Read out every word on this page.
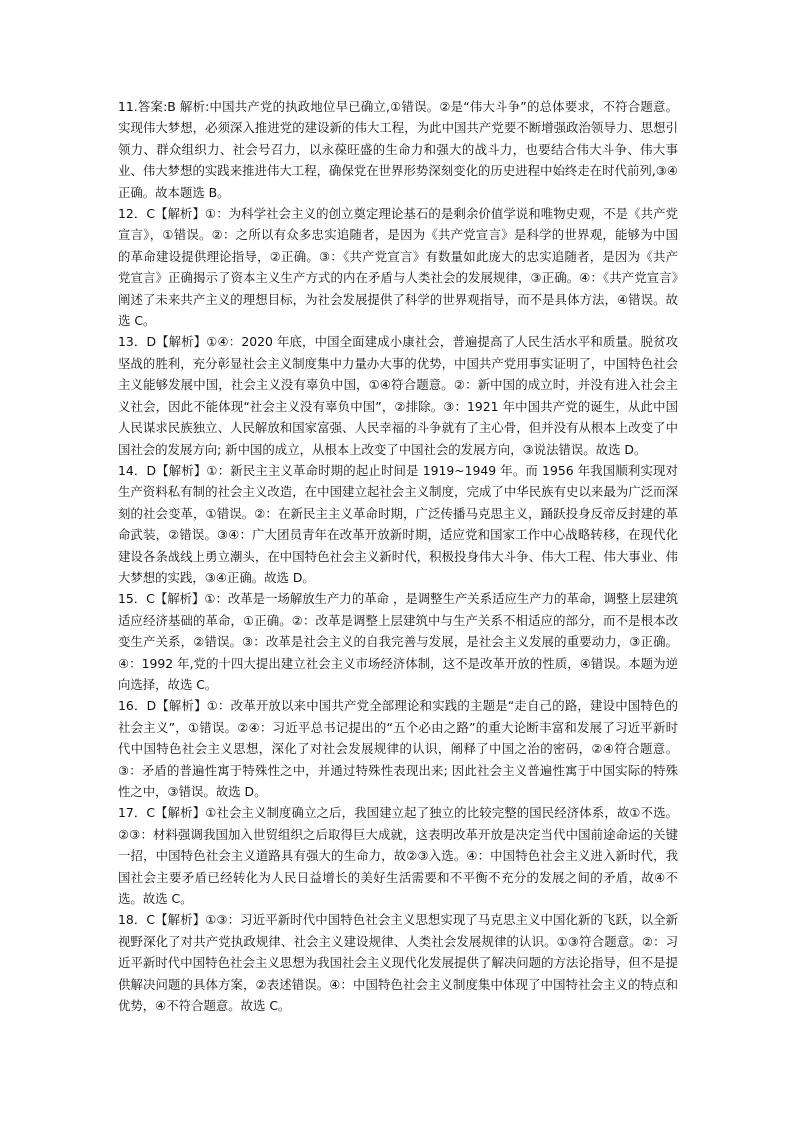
11.答案:B 解析:中国共产党的执政地位早已确立,①错误。②是“伟大斗争”的总体要求，不符合题意。实现伟大梦想，必须深入推进党的建设新的伟大工程，为此中国共产党要不断增强政治领导力、思想引领力、群众组织力、社会号召力，以永葆旺盛的生命力和强大的战斗力，也要结合伟大斗争、伟大事业、伟大梦想的实践来推进伟大工程，确保党在世界形势深刻变化的历史进程中始终走在时代前列,③④正确。故本题选 B。

12．C【解析】①：为科学社会主义的创立奠定理论基石的是剩余价值学说和唯物史观，不是《共产党宣言》，①错误。②：之所以有众多忠实追随者，是因为《共产党宣言》是科学的世界观，能够为中国的革命建设提供理论指导，②正确。③：《共产党宣言》有数量如此庞大的忠实追随者，是因为《共产党宣言》正确揭示了资本主义生产方式的内在矛盾与人类社会的发展规律，③正确。④：《共产党宣言》阐述了未来共产主义的理想目标，为社会发展提供了科学的世界观指导，而不是具体方法，④错误。故选 C。

13．D【解析】①④：2020 年底，中国全面建成小康社会，普遍提高了人民生活水平和质量。脱贫攻坚战的胜利，充分彰显社会主义制度集中力量办大事的优势，中国共产党用事实证明了，中国特色社会主义能够发展中国，社会主义没有辜负中国，①④符合题意。②：新中国的成立时，并没有进入社会主义社会，因此不能体现“社会主义没有辜负中国”，②排除。③：1921 年中国共产党的诞生，从此中国人民谋求民族独立、人民解放和国家富强、人民幸福的斗争就有了主心骨，但并没有从根本上改变了中国社会的发展方向; 新中国的成立，从根本上改变了中国社会的发展方向，③说法错误。故选 D。

14．D【解析】①：新民主主义革命时期的起止时间是 1919~1949 年。而 1956 年我国顺利实现对生产资料私有制的社会主义改造，在中国建立起社会主义制度，完成了中华民族有史以来最为广泛而深刻的社会变革，①错误。②：在新民主主义革命时期，广泛传播马克思主义，踊跃投身反帝反封建的革命武装，②错误。③④：广大团员青年在改革开放新时期，适应党和国家工作中心战略转移，在现代化建设各条战线上勇立潮头，在中国特色社会主义新时代，积极投身伟大斗争、伟大工程、伟大事业、伟大梦想的实践，③④正确。故选 D。

15．C【解析】①：改革是一场解放生产力的革命 ，是调整生产关系适应生产力的革命，调整上层建筑适应经济基础的革命，①正确。②：改革是调整上层建筑中与生产关系不相适应的部分，而不是根本改变生产关系，②错误。③：改革是社会主义的自我完善与发展，是社会主义发展的重要动力，③正确。④：1992 年,党的十四大提出建立社会主义市场经济体制，这不是改革开放的性质，④错误。本题为逆向选择，故选 C。

16．D【解析】①：改革开放以来中国共产党全部理论和实践的主题是“走自己的路，建设中国特色的社会主义”，①错误。②④：习近平总书记提出的“五个必由之路”的重大论断丰富和发展了习近平新时代中国特色社会主义思想，深化了对社会发展规律的认识，阐释了中国之治的密码，②④符合题意。③：矛盾的普遍性寓于特殊性之中，并通过特殊性表现出来; 因此社会主义普遍性寓于中国实际的特殊性之中，③错误。故选 D。

17．C【解析】①社会主义制度确立之后，我国建立起了独立的比较完整的国民经济体系，故①不选。②③：材料强调我国加入世贸组织之后取得巨大成就，这表明改革开放是决定当代中国前途命运的关键一招，中国特色社会主义道路具有强大的生命力，故②③入选。④：中国特色社会主义进入新时代，我国社会主要矛盾已经转化为人民日益增长的美好生活需要和不平衡不充分的发展之间的矛盾，故④不选。故选 C。

18．C【解析】①③：习近平新时代中国特色社会主义思想实现了马克思主义中国化新的飞跃，以全新视野深化了对共产党执政规律、社会主义建设规律、人类社会发展规律的认识。①③符合题意。②：习近平新时代中国特色社会主义思想为我国社会主义现代化发展提供了解决问题的方法论指导，但不是提供解决问题的具体方案，②表述错误。④：中国特色社会主义制度集中体现了中国特社会主义的特点和优势，④不符合题意。故选 C。
